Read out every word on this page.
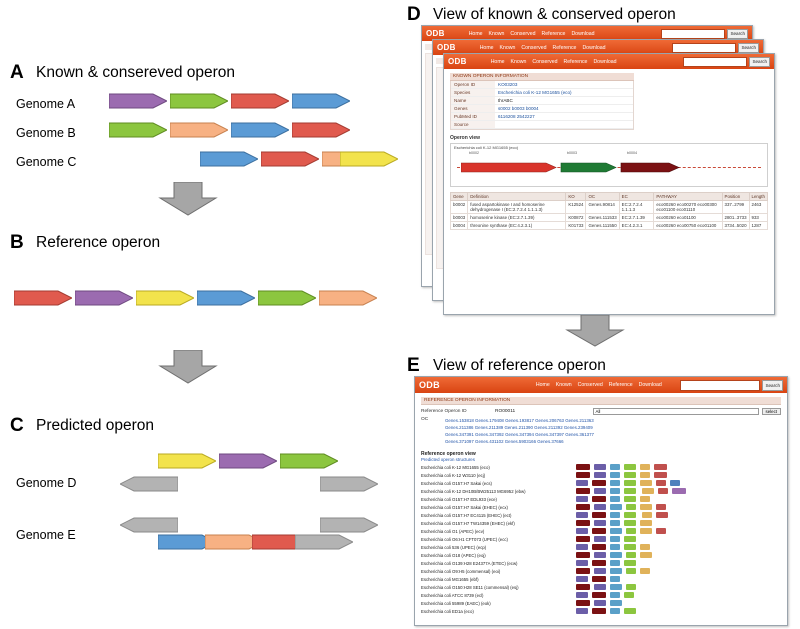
A Known & consereved operon
Genome A
Genome B
Genome C
B Reference operon
C Predicted operon
Genome D
Genome E
D View of known & conserved operon
ODB	Home Known Conserved Reference Download	Search
ODB	Home Known Conserved Reference Download	Search
ODB	Home Known Conserved Reference Download	Search
KNOWN OPERON INFORMATION
Operon ID	KO03203
Species	Escherichia coli K-12 MG1655 (eco)
Name	thrABC
Genes	s0002 b0003 b0004
PubMed ID	6116208 2542227
Source
Operon view
Escherichia coli K-12 MG1655 (eco)
b0002	b0003	b0004
Gene	Definition	KO	OC	EC	PATHWAY	Position	Length
b0002	fused aspartokinase I and homoserine dehydrogenase I (EC:2.7.2.4 1.1.1.3)	K12524	Genes.90814	EC:2.7.2.4 1.1.1.3	eco00260 eco00270 eco00300 eco01100 eco01110	337..2799	2463
b0003	homoserine kinase (EC:2.7.1.39)	K00872	Genes.111533	EC:2.7.1.39	eco00260 eco01100	2801..3733	933
b0004	threonine synthase (EC:4.2.3.1)	K01733	Genes.111550	EC:4.2.3.1	eco00260 eco00750 eco01100	3734..5020	1287
E View of reference operon
ODB	Home Known Conserved Reference Download	Search
REFERENCE OPERON INFORMATION
Reference Operon ID	RO00011	All	select
OC	Genes.153818 Genes.179408 Genes.193817 Genes.206763 Genes.211363
Genes.211386 Genes.211389 Genes.211390 Genes.211392 Genes.239409
Genes.347391 Genes.347392 Genes.347394 Genes.347397 Genes.361377
Genes.371097 Genes.431102 Genes.5903166 Genes.37666
Reference operon view
Predicted operon structures
Escherichia coli K-12 MG1655 (eco)
Escherichia coli K-12 W3110 (ecj)
Escherichia coli O157:H7 Sakai (ecs)
Escherichia coli K-12 DH10B/BW25113 MG6952 (ebw)
Escherichia coli O157:H7 EDL933 (ece)
Escherichia coli O157:H7 Sakai (EHEC) (ecx)
Escherichia coli O157:H7 EC4115 (EHEC) (ect)
Escherichia coli O157:H7 TW14359 (EHEC) (ekf)
Escherichia coli O1 (APEC) (ecv)
Escherichia coli O6:H1 CFT073 (UPEC) (ecc)
Escherichia coli 536 (UPEC) (ecp)
Escherichia coli O18 (APEC) (eoj)
Escherichia coli O139:H28 E24377A (ETEC) (ecw)
Escherichia coli O9:H5 (commensal) (eoi)
Escherichia coli MG1655 (ebf)
Escherichia coli O150:H28 SE11 (commensal) (esj)
Escherichia coli ATCC 8739 (ecl)
Escherichia coli 55989 (EAEC) (eok)
Escherichia coli ED1a (eco)
